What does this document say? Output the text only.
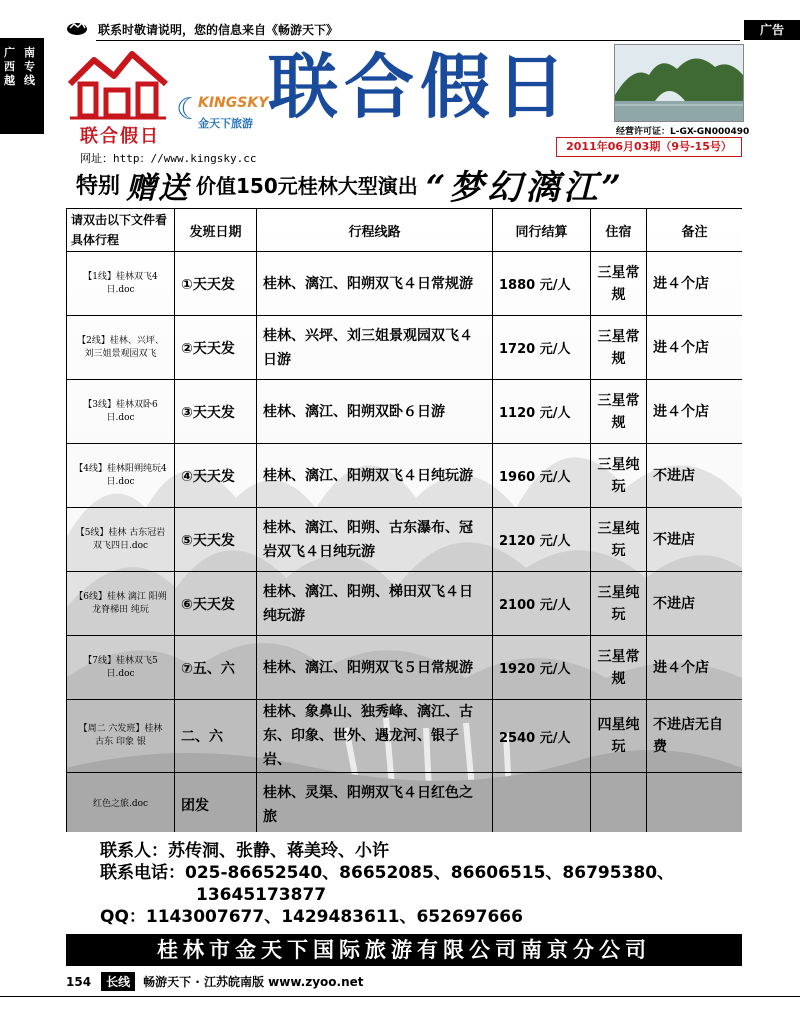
联系时敬请说明，您的信息来自《畅游天下》	广告
广西越
南专线
联合假日
☾
KINGSKY
金天下旅游
网址：http：//www.kingsky.cc
联合假日
经营许可证：L-GX-GN000490
2011年06月03期（9号-15号）
特别 赠送 价值150元桂林大型演出 “梦幻漓江”
请双击以下文件看具体行程	发班日期	行程线路	同行结算	住宿	备注
【1线】桂林双飞4日.doc	①天天发	桂林、漓江、阳朔双飞４日常规游	1880 元/人	三星常规	进４个店
【2线】桂林、兴坪、刘三姐景观园双飞	②天天发	桂林、兴坪、刘三姐景观园双飞４日游	1720 元/人	三星常规	进４个店
【3线】桂林双卧6日.doc	③天天发	桂林、漓江、阳朔双卧６日游	1120 元/人	三星常规	进４个店
【4线】桂林阳朔纯玩4日.doc	④天天发	桂林、漓江、阳朔双飞４日纯玩游	1960 元/人	三星纯玩	不进店
【5线】桂林 古东冠岩双飞四日.doc	⑤天天发	桂林、漓江、阳朔、古东瀑布、冠岩双飞４日纯玩游	2120 元/人	三星纯玩	不进店
【6线】桂林 漓江 阳朔 龙脊梯田 纯玩	⑥天天发	桂林、漓江、阳朔、梯田双飞４日纯玩游	2100 元/人	三星纯玩	不进店
【7线】桂林双飞5日.doc	⑦五、六	桂林、漓江、阳朔双飞５日常规游	1920 元/人	三星常规	进４个店
【周二 六发班】桂林 古东 印象 银	二、六	桂林、象鼻山、独秀峰、漓江、古东、印象、世外、遇龙河、银子岩、	2540 元/人	四星纯玩	不进店无自费
红色之旅.doc	团发	桂林、灵渠、阳朔双飞４日红色之旅			
联系人：苏传洞、张静、蒋美玲、小许
联系电话：025-86652540、86652085、86606515、86795380、
13645173877
QQ：1143007677、1429483611、652697666
桂林市金天下国际旅游有限公司南京分公司
154 长线 畅游天下 · 江苏皖南版 www.zyoo.net
